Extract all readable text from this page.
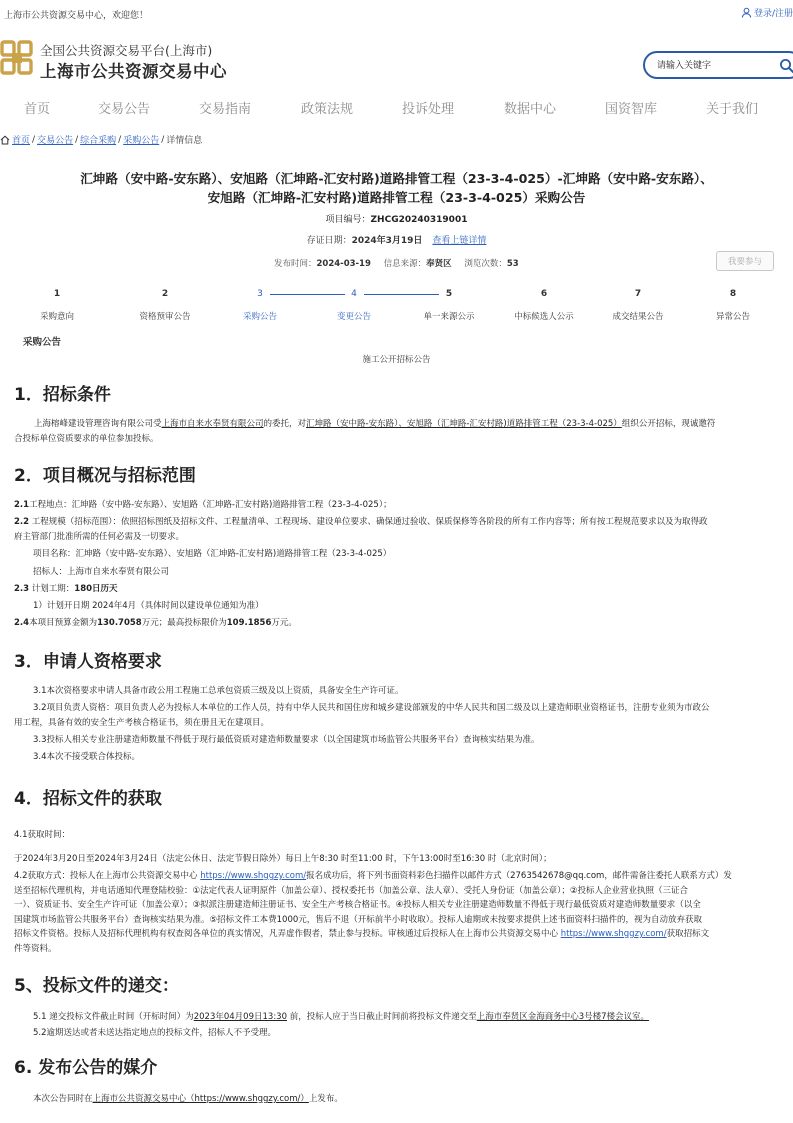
上海市公共资源交易中心，欢迎您！	登录/注册
全国公共资源交易平台(上海市)
上海市公共资源交易中心
请输入关键字
首页	交易公告	交易指南	政策法规	投诉处理	数据中心	国资智库	关于我们
首页 / 交易公告 / 综合采购 / 采购公告 / 详情信息
汇坤路（安中路-安东路）、安旭路（汇坤路-汇安村路)道路排管工程（23-3-4-025）-汇坤路（安中路-安东路）、
安旭路（汇坤路-汇安村路)道路排管工程（23-3-4-025）采购公告
项目编号：ZHCG20240319001
存证日期：2024年3月19日 查看上链详情
发布时间：2024-03-19 信息来源：奉贤区 浏览次数：53	我要参与
1	2	3	4	5	6	7	8
采购意向	资格预审公告	采购公告	变更公告	单一来源公示	中标候选人公示	成交结果公告	异常公告
采购公告
施工公开招标公告
1．招标条件
上海榕峰建设管理咨询有限公司受上海市自来水奉贤有限公司的委托，对汇坤路（安中路-安东路）、安旭路（汇坤路-汇安村路)道路排管工程（23-3-4-025）组织公开招标，现诚邀符
合投标单位资质要求的单位参加投标。
2．项目概况与招标范围
2.1工程地点：汇坤路（安中路-安东路）、安旭路（汇坤路-汇安村路)道路排管工程（23-3-4-025）；
2.2 工程规模（招标范围）：依照招标图纸及招标文件、工程量清单、工程现场、建设单位要求、确保通过验收、保质保修等各阶段的所有工作内容等；所有按工程规范要求以及为取得政
府主管部门批准所需的任何必需及一切要求。
项目名称：汇坤路（安中路-安东路）、安旭路（汇坤路-汇安村路)道路排管工程（23-3-4-025）
招标人：上海市自来水奉贤有限公司
2.3 计划工期：180日历天
1）计划开日期 2024年4月（具体时间以建设单位通知为准）
2.4本项目预算金额为130.7058万元；最高投标限价为109.1856万元。
3．申请人资格要求
3.1本次资格要求申请人具备市政公用工程施工总承包资质三级及以上资质，具备安全生产许可证。
3.2项目负责人资格：项目负责人必为投标人本单位的工作人员，持有中华人民共和国住房和城乡建设部颁发的中华人民共和国二级及以上建造师职业资格证书，注册专业须为市政公
用工程，具备有效的安全生产考核合格证书，须在册且无在建项目。
3.3投标人相关专业注册建造师数量不得低于现行最低资质对建造师数量要求（以全国建筑市场监管公共服务平台）查询核实结果为准。
3.4本次不接受联合体投标。
4．招标文件的获取
4.1获取时间：
于2024年3月20日至2024年3月24日（法定公休日、法定节假日除外）每日上午8:30 时至11:00 时，下午13:00时至16:30 时（北京时间）；
4.2获取方式：投标人在上海市公共资源交易中心 https://www.shggzy.com/报名成功后，将下列书面资料彩色扫描件以邮件方式（2763542678@qq.com，邮件需备注委托人联系方式）发
送至招标代理机构，并电话通知代理登陆校验：①法定代表人证明原件（加盖公章）、授权委托书（加盖公章、法人章）、受托人身份证（加盖公章）；②投标人企业营业执照（三证合
一）、资质证书、安全生产许可证（加盖公章）；③拟派注册建造师注册证书、安全生产考核合格证书。④投标人相关专业注册建造师数量不得低于现行最低资质对建造师数量要求（以全
国建筑市场监管公共服务平台）查询核实结果为准。⑤招标文件工本费1000元，售后不退（开标前半小时收取）。投标人逾期或未按要求提供上述书面资料扫描件的，视为自动放弃获取
招标文件资格。投标人及招标代理机构有权查阅各单位的真实情况，凡弄虚作假者，禁止参与投标。审核通过后投标人在上海市公共资源交易中心 https://www.shggzy.com/获取招标文
件等资料。
5、投标文件的递交：
5.1 递交投标文件截止时间（开标时间）为2023年04月09日13:30 前，投标人应于当日截止时间前将投标文件递交至上海市奉贤区金海商务中心3号楼7楼会议室。
5.2逾期送达或者未送达指定地点的投标文件，招标人不予受理。
6. 发布公告的媒介
本次公告同时在上海市公共资源交易中心（https://www.shggzy.com/）上发布。
